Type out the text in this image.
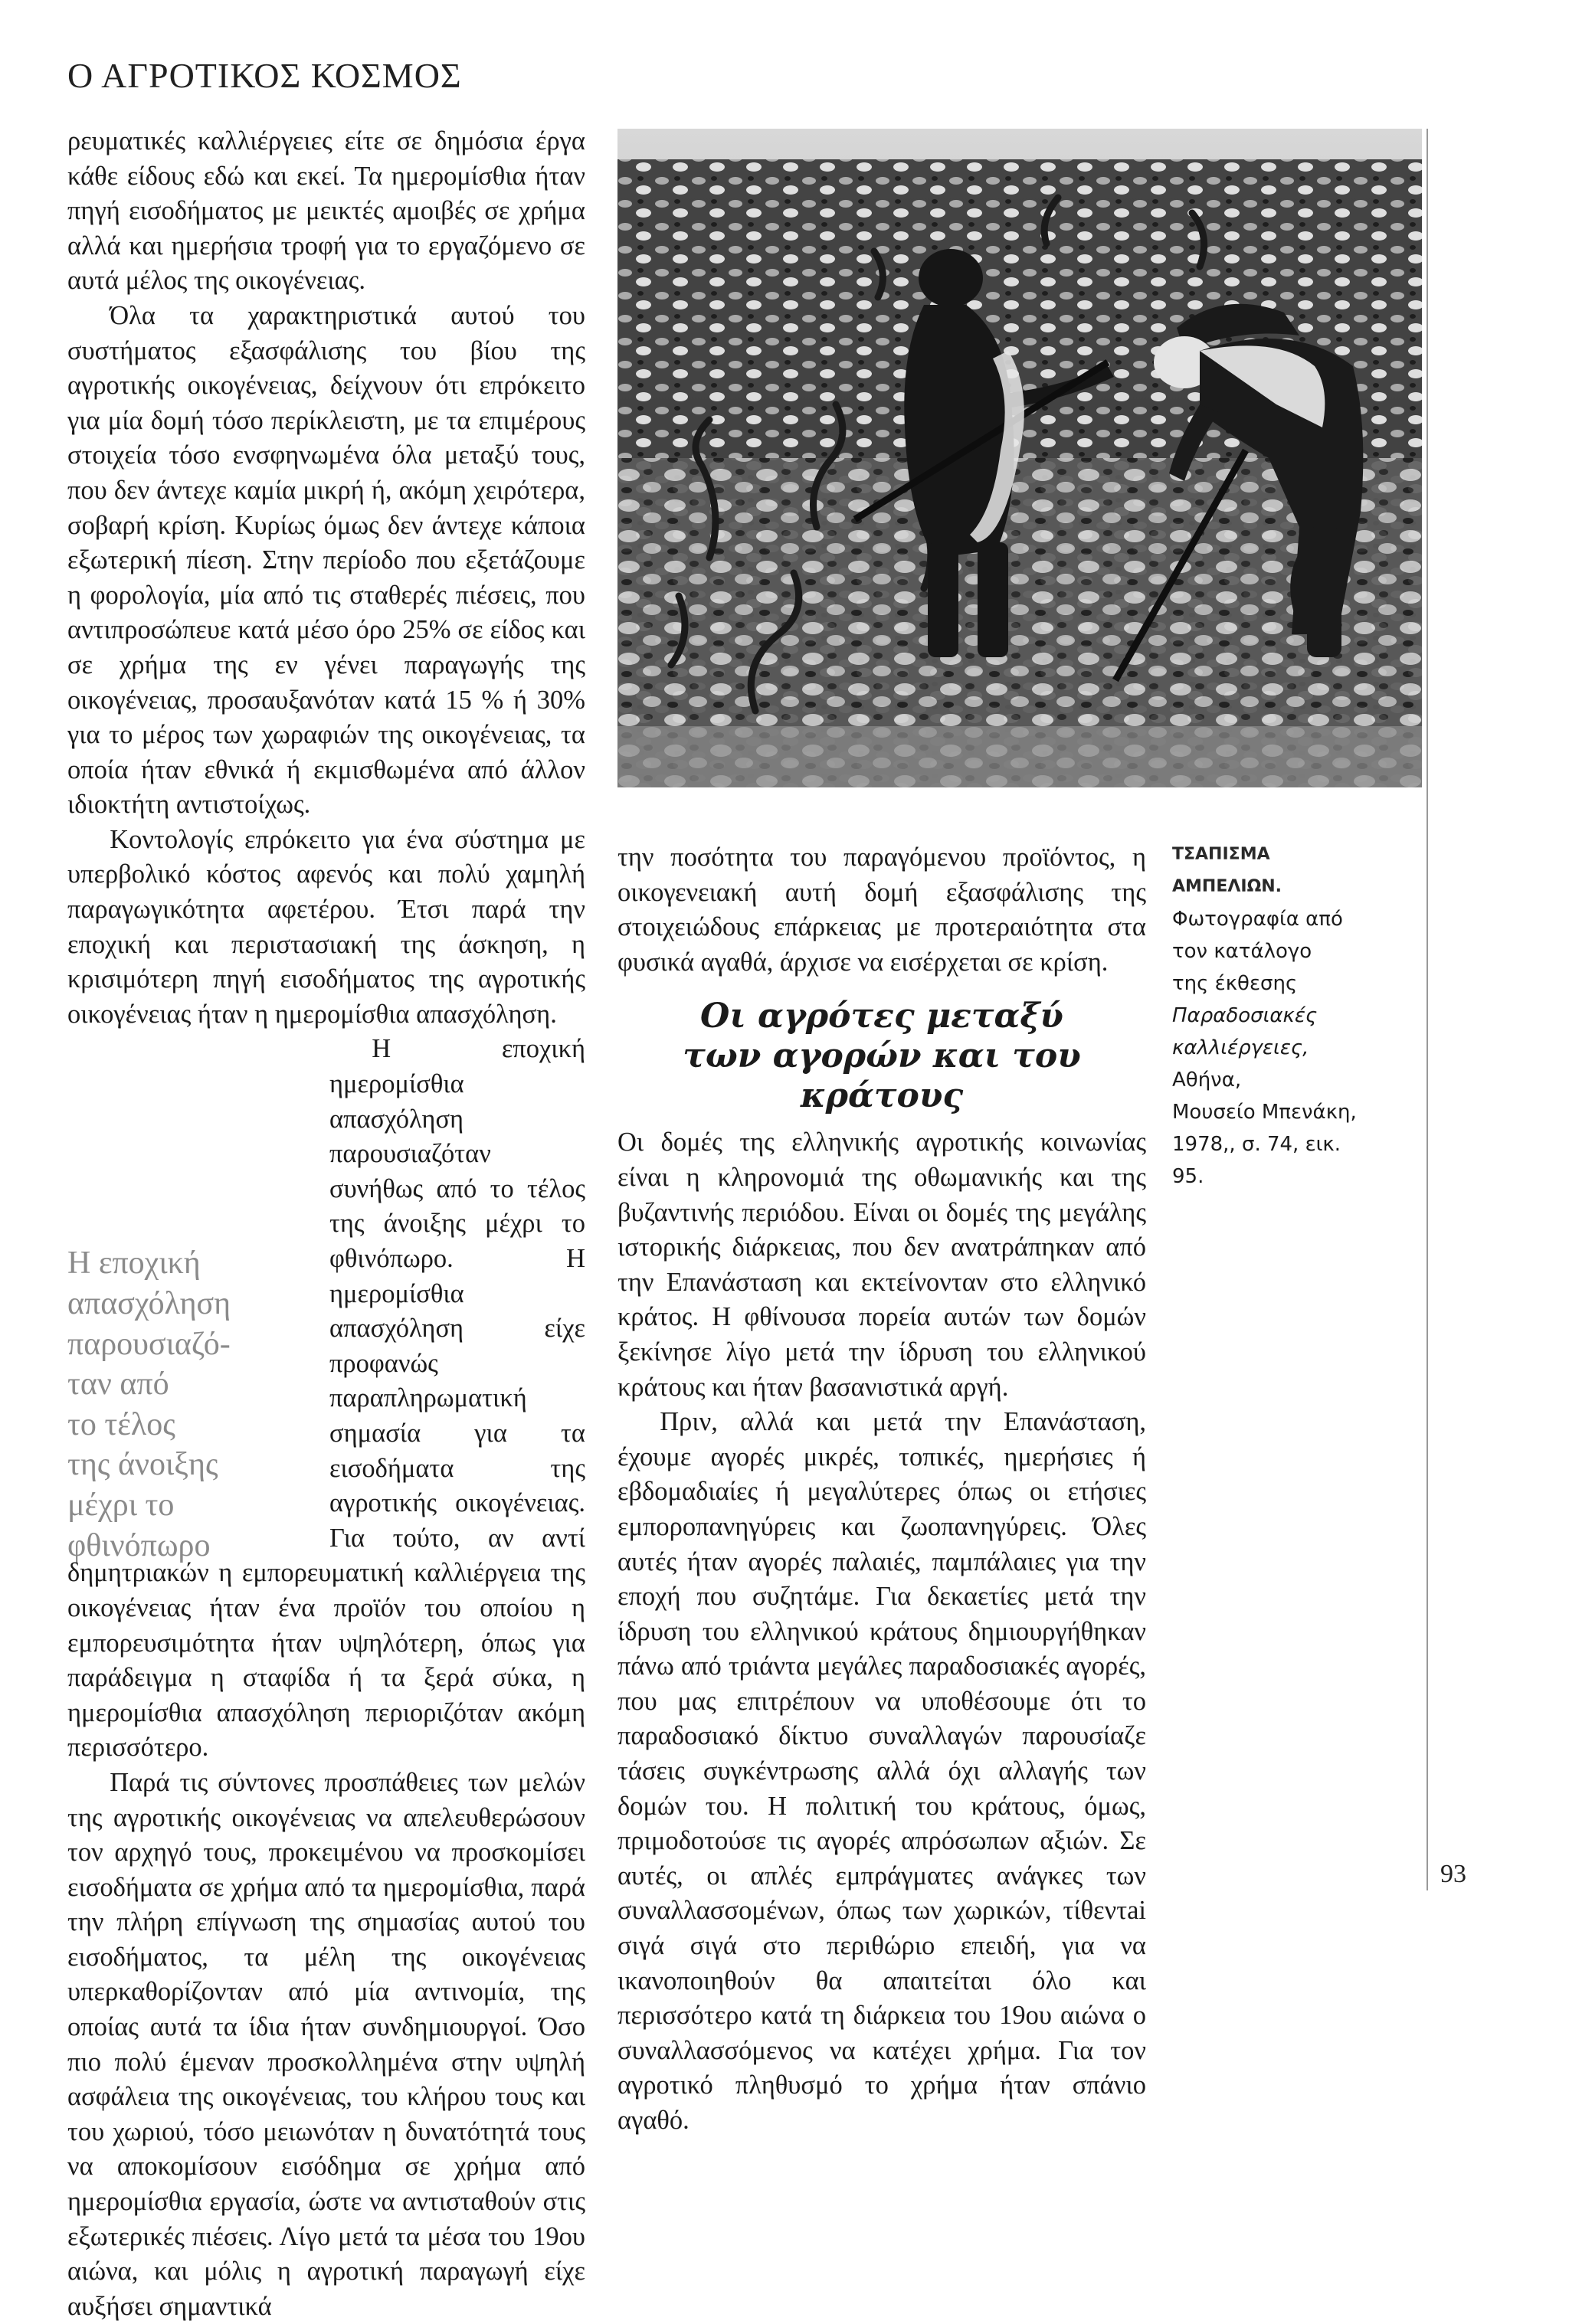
Ο ΑΓΡΟΤΙΚΟΣ ΚΟΣΜΟΣ

ρευματικές καλλιέργειες είτε σε δημόσια έργα κάθε είδους εδώ και εκεί. Τα ημερομίσθια ήταν πηγή εισοδήματος με μεικτές αμοιβές σε χρήμα αλλά και ημερήσια τροφή για το εργαζόμενο σε αυτά μέλος της οικογένειας.

Όλα τα χαρακτηριστικά αυτού του συστήματος εξασφάλισης του βίου της αγροτικής οικογένειας, δείχνουν ότι επρόκειτο για μία δομή τόσο περίκλειστη, με τα επιμέρους στοιχεία τόσο ενσφηνωμένα όλα μεταξύ τους, που δεν άντεχε καμία μικρή ή, ακόμη χειρότερα, σοβαρή κρίση. Κυρίως όμως δεν άντεχε κάποια εξωτερική πίεση. Στην περίοδο που εξετάζουμε η φορολογία, μία από τις σταθερές πιέσεις, που αντιπροσώπευε κατά μέσο όρο 25% σε είδος και σε χρήμα της εν γένει παραγωγής της οικογένειας, προσαυξανόταν κατά 15 % ή 30% για το μέρος των χωραφιών της οικογένειας, τα οποία ήταν εθνικά ή εκμισθωμένα από άλλον ιδιοκτήτη αντιστοίχως.

Κοντολογίς επρόκειτο για ένα σύστημα με υπερβολικό κόστος αφενός και πολύ χαμηλή παραγωγικότητα αφετέρου. Έτσι παρά την εποχική και περιστασιακή της άσκηση, η κρισιμότερη πηγή εισοδήματος της αγροτικής οικογένειας ήταν η ημερομίσθια απασχόληση.

Η εποχική
απασχόληση
παρουσιαζό-
ταν από
το τέλος
της άνοιξης
μέχρι το
φθινόπωρο

Η εποχική ημερομίσθια απασχόληση παρουσιαζόταν συνήθως από το τέλος της άνοιξης μέχρι το φθινόπωρο. Η ημερομίσθια απασχόληση είχε προφανώς παραπληρωματική σημασία για τα εισοδήματα της αγροτικής οικογένειας. Για τούτο, αν αντί δημητριακών η εμπορευματική καλλιέργεια της οικογένειας ήταν ένα προϊόν του οποίου η εμπορευσιμότητα ήταν υψηλότερη, όπως για παράδειγμα η σταφίδα ή τα ξερά σύκα, η ημερομίσθια απασχόληση περιοριζόταν ακόμη περισσότερο.

Παρά τις σύντονες προσπάθειες των μελών της αγροτικής οικογένειας να απελευθερώσουν τον αρχηγό τους, προκειμένου να προσκομίσει εισοδήματα σε χρήμα από τα ημερομίσθια, παρά την πλήρη επίγνωση της σημασίας αυτού του εισοδήματος, τα μέλη της οικογένειας υπερκαθορίζονταν από μία αντινομία, της οποίας αυτά τα ίδια ήταν συνδημιουργοί. Όσο πιο πολύ έμεναν προσκολλημένα στην υψηλή ασφάλεια της οικογένειας, του κλήρου τους και του χωριού, τόσο μειωνόταν η δυνατότητά τους να αποκομίσουν εισόδημα σε χρήμα από ημερομίσθια εργασία, ώστε να αντισταθούν στις εξωτερικές πιέσεις. Λίγο μετά τα μέσα του 19ου αιώνα, και μόλις η αγροτική παραγωγή είχε αυξήσει σημαντικά

την ποσότητα του παραγόμενου προϊόντος, η οικογενειακή αυτή δομή εξασφάλισης της στοιχειώδους επάρκειας με προτεραιότητα στα φυσικά αγαθά, άρχισε να εισέρχεται σε κρίση.

Οι αγρότες μεταξύ
των αγορών και του κράτους

Οι δομές της ελληνικής αγροτικής κοινωνίας είναι η κληρονομιά της οθωμανικής και της βυζαντινής περιόδου. Είναι οι δομές της μεγάλης ιστορικής διάρκειας, που δεν ανατράπηκαν από την Επανάσταση και εκτείνονταν στο ελληνικό κράτος. Η φθίνουσα πορεία αυτών των δομών ξεκίνησε λίγο μετά την ίδρυση του ελληνικού κράτους και ήταν βασανιστικά αργή.

Πριν, αλλά και μετά την Επανάσταση, έχουμε αγορές μικρές, τοπικές, ημερήσιες ή εβδομαδιαίες ή μεγαλύτερες όπως οι ετήσιες εμποροπανηγύρεις και ζωοπανηγύρεις. Όλες αυτές ήταν αγορές παλαιές, παμπάλαιες για την εποχή που συζητάμε. Για δεκαετίες μετά την ίδρυση του ελληνικού κράτους δημιουργήθηκαν πάνω από τριάντα μεγάλες παραδοσιακές αγορές, που μας επιτρέπουν να υποθέσουμε ότι το παραδοσιακό δίκτυο συναλλαγών παρουσίαζε τάσεις συγκέντρωσης αλλά όχι αλλαγής των δομών του. Η πολιτική του κράτους, όμως, πριμοδοτούσε τις αγορές απρόσωπων αξιών. Σε αυτές, οι απλές εμπράγματες ανάγκες των συναλλασσομένων, όπως των χωρικών, τίθεντai σιγά σιγά στο περιθώριο επειδή, για να ικανοποιηθούν θα απαιτείται όλο και περισσότερο κατά τη διάρκεια του 19ου αιώνα ο συναλλασσόμενος να κατέχει χρήμα. Για τον αγροτικό πληθυσμό το χρήμα ήταν σπάνιο αγαθό.

ΤΣΑΠΙΣΜΑ ΑΜΠΕΛΙΩΝ.
Φωτογραφία από
τον κατάλογο
της έκθεσης
Παραδοσιακές
καλλιέργειες,
Αθήνα,
Μουσείο Μπενάκη,
1978,, σ. 74, εικ. 95.
93
